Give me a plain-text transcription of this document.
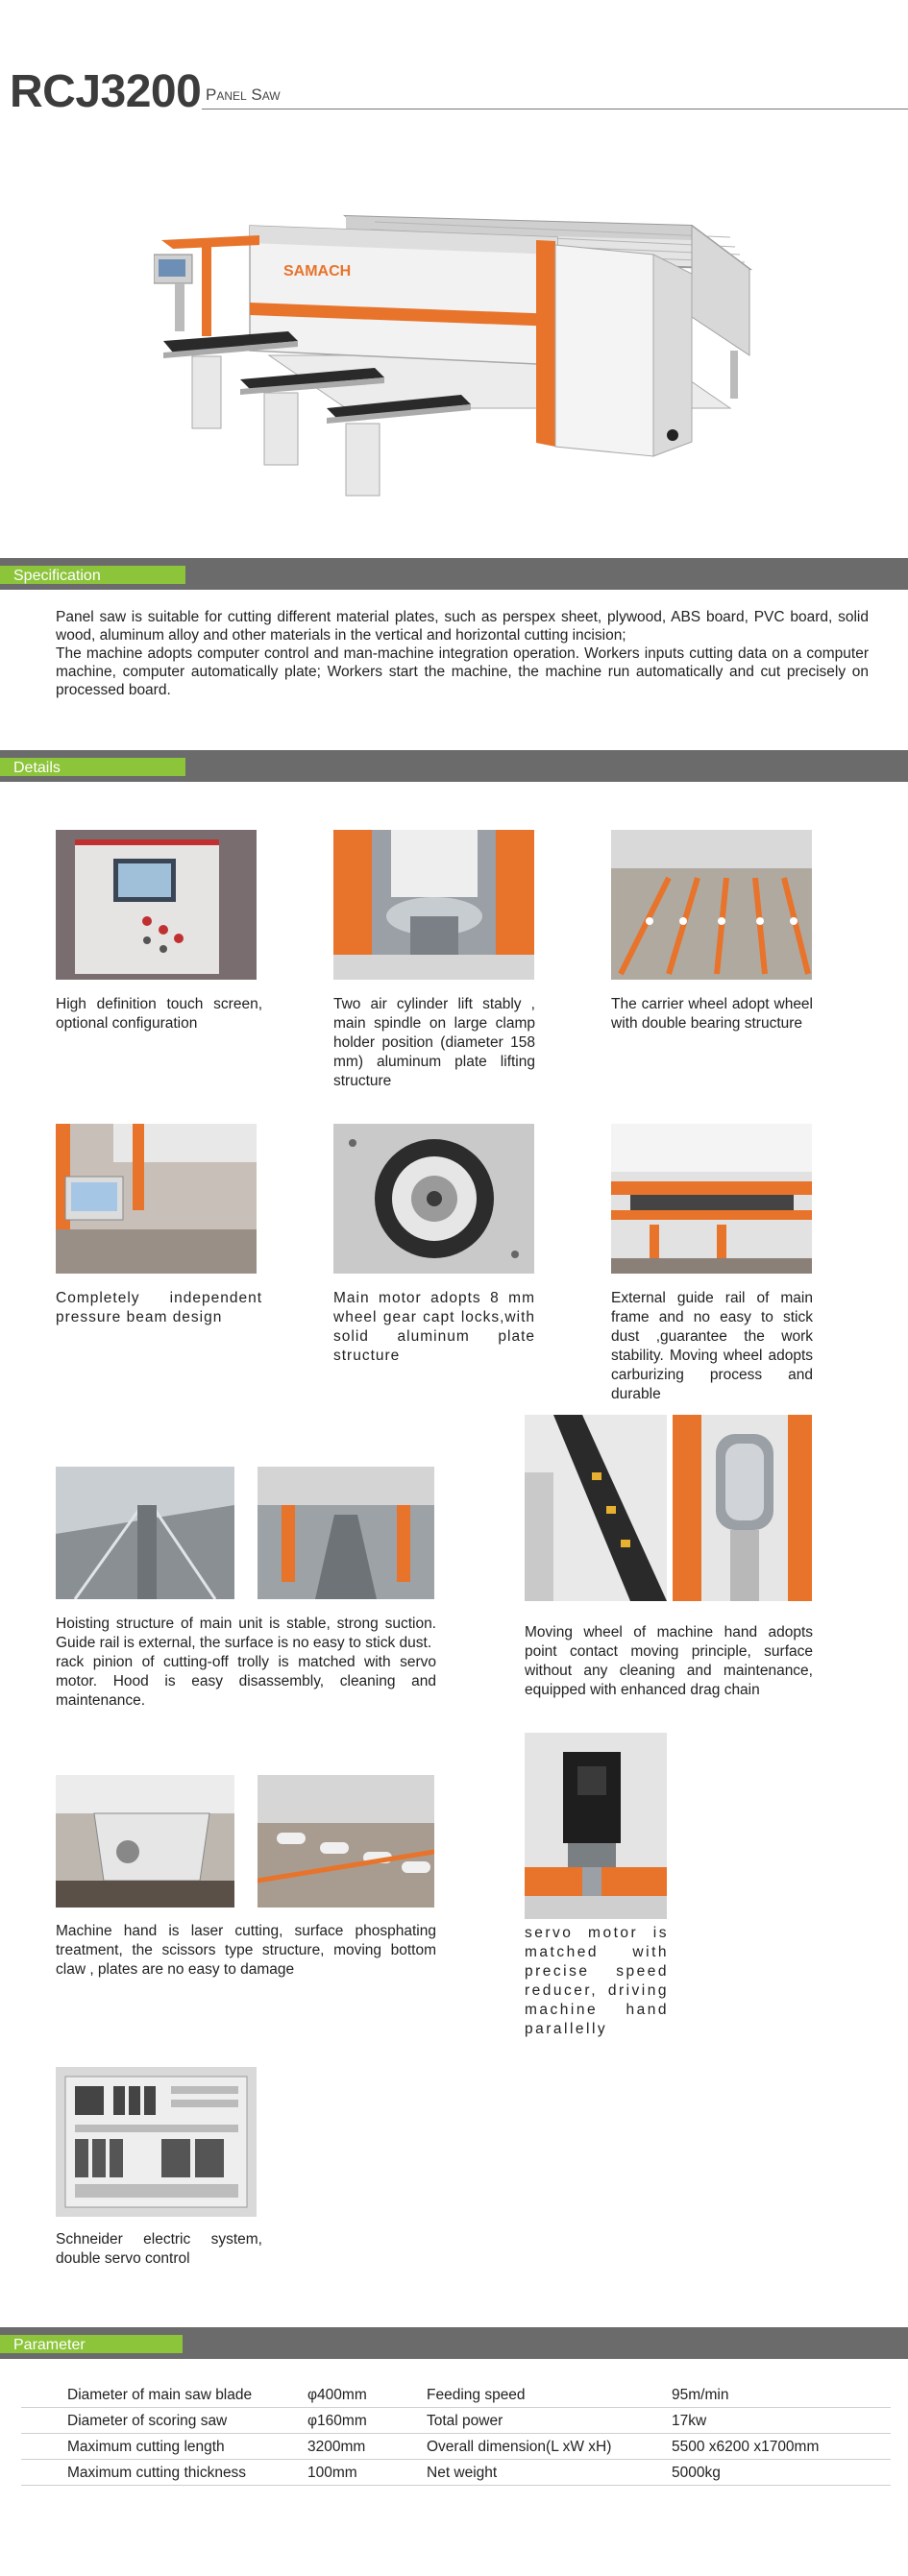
RCJ3200 Panel Saw
SAMACH
Specification

Panel saw is suitable for cutting different material plates, such as perspex sheet, plywood, ABS board, PVC board, solid wood, aluminum alloy and other materials in the vertical and horizontal cutting incision;

The machine adopts computer control and man-machine integration operation. Workers inputs cutting data on a computer machine, computer automatically plate; Workers start the machine, the machine run automatically and cut precisely on processed board.

Details
High definition touch screen, optional configuration
Two air cylinder lift stably , main spindle on large clamp holder position (diameter 158 mm) aluminum plate lifting structure
The carrier wheel adopt wheel with double bearing structure
Completely independent pressure beam design
Main motor adopts 8 mm wheel gear capt locks,with solid aluminum plate structure
External guide rail of main frame and no easy to stick dust ,guarantee the work stability. Moving wheel adopts carburizing process and durable

Hoisting structure of main unit is stable, strong suction. Guide rail is external, the surface is no easy to stick dust.

rack pinion of cutting-off trolly is matched with servo motor. Hood is easy disassembly, cleaning and maintenance.

Moving wheel of machine hand adopts point contact moving principle, surface without any cleaning and maintenance, equipped with enhanced drag chain
Machine hand is laser cutting, surface phosphating treatment, the scissors type structure, moving bottom claw , plates are no easy to damage
servo motor is matched with precise speed reducer, driving machine hand parallelly
Schneider electric system, double servo control
Parameter
Diameter of main saw blade	φ400mm	Feeding speed	95m/min
Diameter of scoring saw	φ160mm	Total power	17kw
Maximum cutting length	3200mm	Overall dimension(L xW xH)	5500 x6200 x1700mm
Maximum cutting thickness	100mm	Net weight	5000kg
